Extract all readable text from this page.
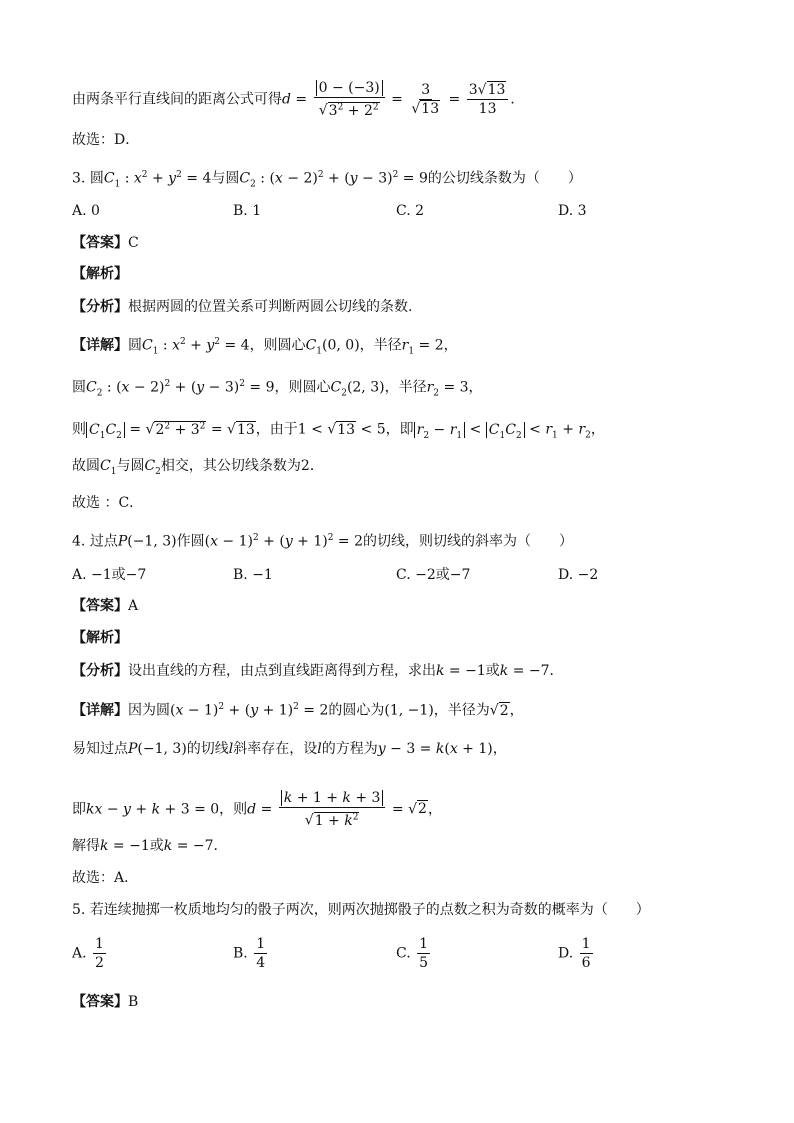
由两条平行直线间的距离公式可得$d = \frac{0 - (-3)}{√3^2 + 2^2} = \frac{3}{√13} = \frac{3√13}{13}$ ．
故选：D．
3. 圆$C_1$ : $x^2 + y^2 = 4$与圆$C_2$ : $(x - 2)^2 + (y - 3)^2 = 9$的公切线条数为（　　）
A. 0	B. 1	C. 2	D. 3
【答案】C
【解析】
【分析】根据两圆的位置关系可判断两圆公切线的条数.
【详解】圆$C_1$ : $x^2 + y^2 = 4$，则圆心$C_1(0$, 0)，半径$r_1 = 2$，
圆$C_2$ : $(x - 2)^2 + (y - 3)^2 = 9$，则圆心$C_2(2$, 3)，半径$r_2 = 3$，
则 $C_1C_2 = √2^2 + 3^2 = √13$，由于1 < √13 < 5，即 $r_2 - r_1 < C_1C_2 < r_1 + r_2$，
故圆$C_1$与圆$C_2$相交，其公切线条数为2．
故选 ：C．
4. 过点P(−1, 3)作圆$(x - 1)^2 + (y + 1)^2 = 2$的切线，则切线的斜率为（　　）
A. −1或−7	B. −1	C. −2或−7	D. −2
【答案】A
【解析】
【分析】设出直线的方程，由点到直线距离得到方程，求出k = −1或k = −7．
【详解】因为圆$(x - 1)^2 + (y + 1)^2 = 2$的圆心为(1, −1)，半径为√2，
易知过点P(−1, 3)的切线l斜率存在，设l的方程为y − 3 = k(x + 1)，
即kx − y + k + 3 = 0，则$d = \frac{k + 1 + k + 3}{√1 + k^2} = √2$，
解得k = −1或k = −7．
故选：A．
5. 若连续抛掷一枚质地均匀的骰子两次，则两次抛掷骰子的点数之积为奇数的概率为（　　）
A. $\frac{1}{2}$	B. $\frac{1}{4}$	C. $\frac{1}{5}$	D. $\frac{1}{6}$
【答案】B
